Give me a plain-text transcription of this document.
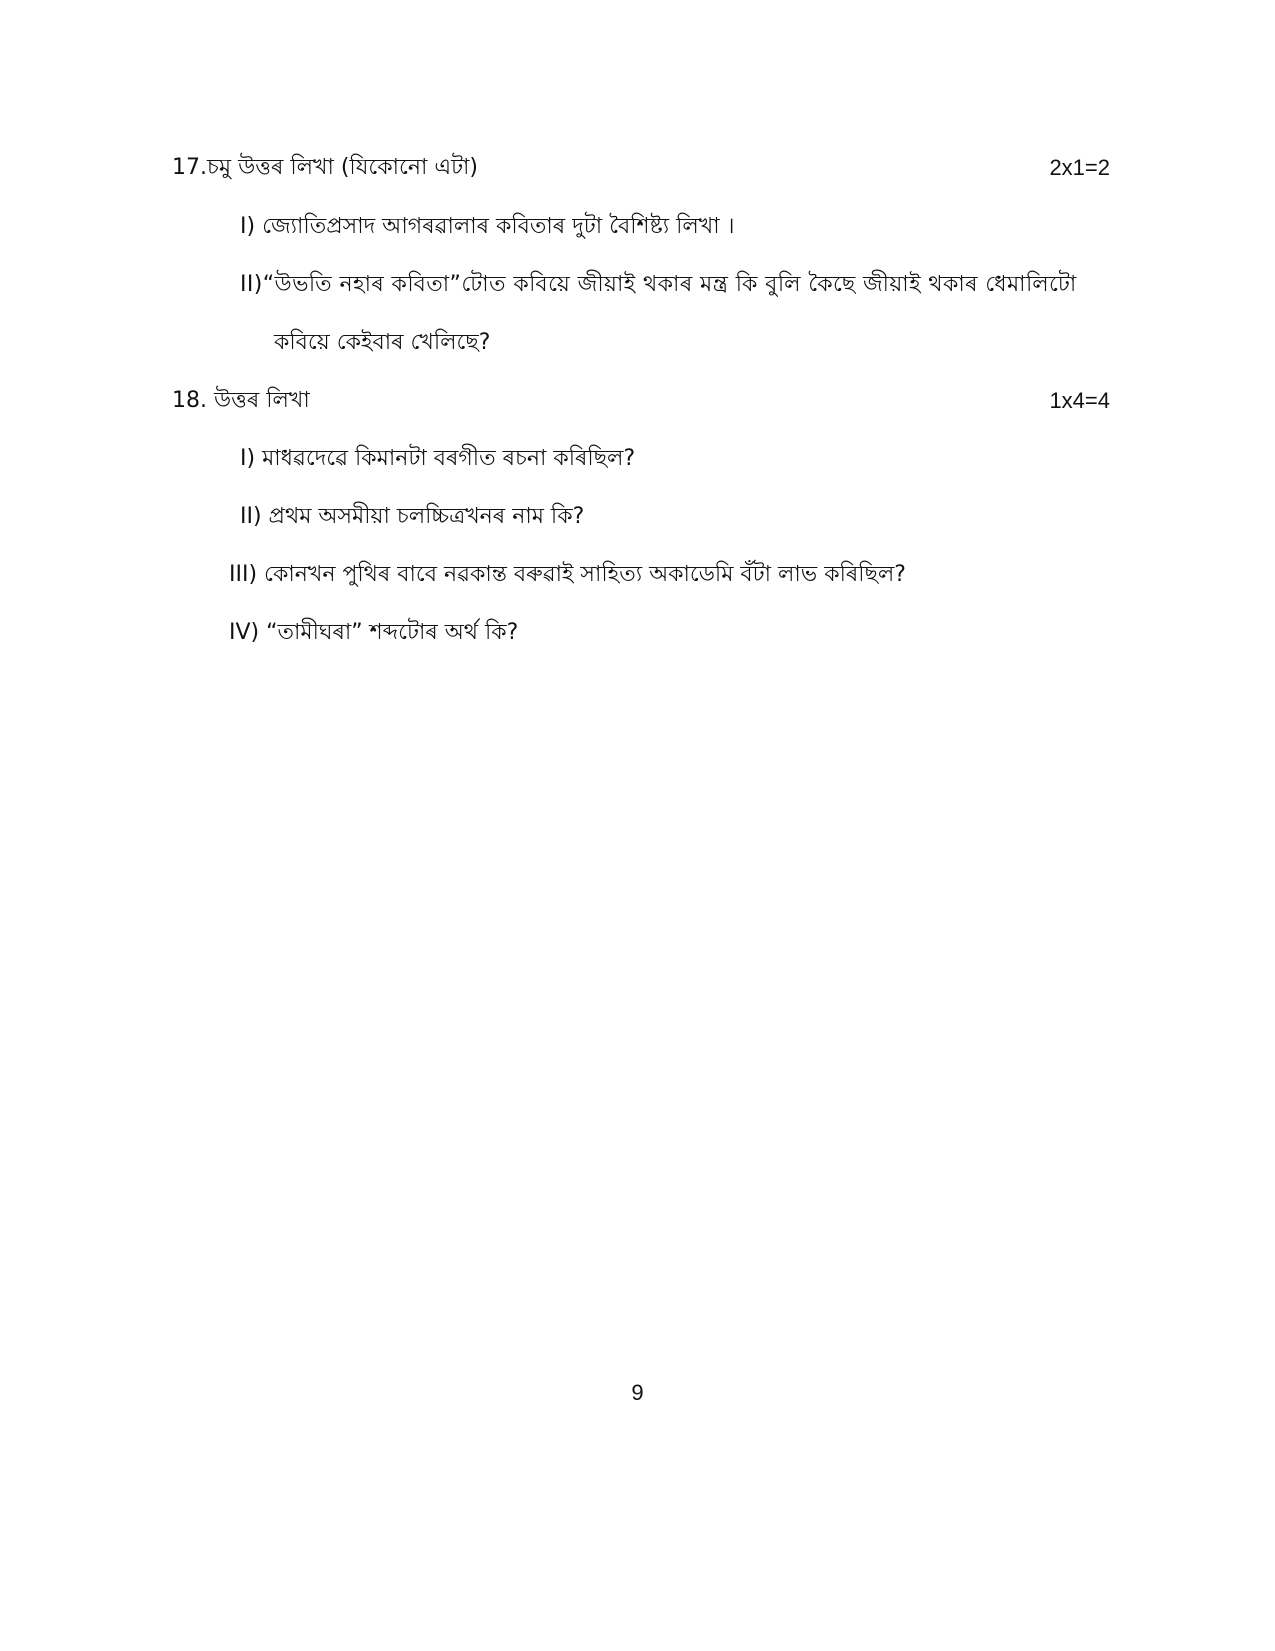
17.চমু উত্তৰ লিখা (যিকোনো এটা)	2x1=2
I) জ্যোতিপ্ৰসাদ আগৰৱালাৰ কবিতাৰ দুটা বৈশিষ্ট্য লিখা ।
II)“উভতি নহাৰ কবিতা”টোত কবিয়ে জীয়াই থকাৰ মন্ত্ৰ কি বুলি কৈছে জীয়াই থকাৰ ধেমালিটো
কবিয়ে কেইবাৰ খেলিছে?
18. উত্তৰ লিখা	1x4=4
I) মাধৱদেৱে কিমানটা বৰগীত ৰচনা কৰিছিল?
II) প্ৰথম অসমীয়া চলচ্চিত্ৰখনৰ নাম কি?
III) কোনখন পুথিৰ বাবে নৱকান্ত বৰুৱাই সাহিত্য অকাডেমি বঁটা লাভ কৰিছিল?
IV) “তামীঘৰা” শব্দটোৰ অৰ্থ কি?
9
